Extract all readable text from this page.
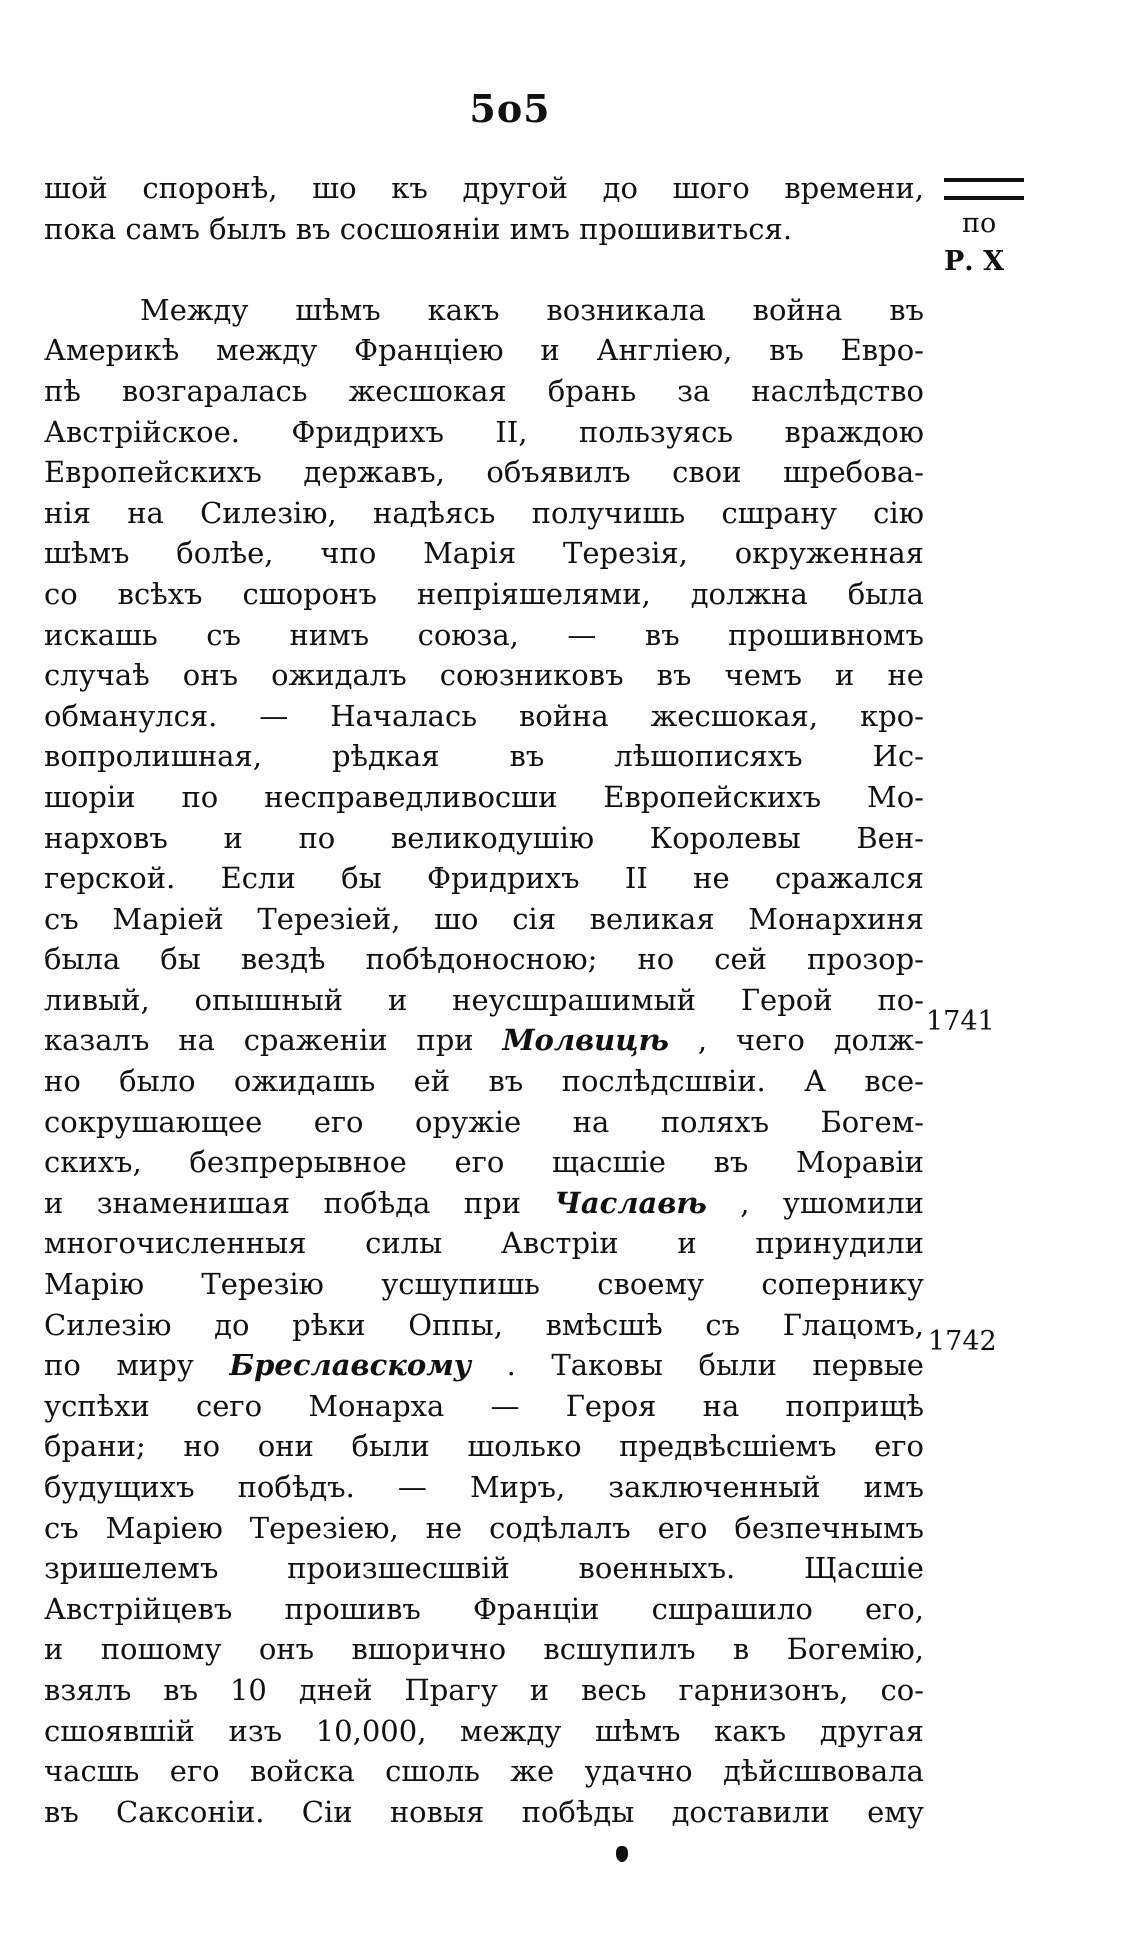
5o5
по
Р. Х
1741
1742
шой споронѣ, шо къ другой до шого времени,
пока самъ былъ въ сосшояніи имъ прошивиться.
Между шѣмъ какъ возникала война въ
Америкѣ между Франціею и Англіею, въ Евро-
пѣ возгаралась жесшокая брань за наслѣдство
Австрійское. Фридрихъ II, пользуясь враждою
Европейскихъ державъ, объявилъ свои шребова-
нія на Силезію, надѣясь получишь сшрану сію
шѣмъ болѣе, чпо Марія Терезія, окруженная
со всѣхъ сшоронъ непріяшелями, должна была
искашь съ нимъ союза, — въ прошивномъ
случаѣ онъ ожидалъ союзниковъ въ чемъ и не
обманулся. — Началась война жесшокая, кро-
вопролишная, рѣдкая въ лѣшописяхъ Ис-
шоріи по несправедливосши Европейскихъ Мо-
нарховъ и по великодушію Королевы Вен-
герской. Если бы Фридрихъ II не сражался
съ Маріей Терезіей, шо сія великая Монархиня
была бы вездѣ побѣдоносною; но сей прозор-
ливый, опышный и неусшрашимый Герой по-
казалъ на сраженіи при Молвицѣ , чего долж-
но было ожидашь ей въ послѣдсшвіи. А все-
сокрушающее его оружіе на поляхъ Богем-
скихъ, безпрерывное его щасшіе въ Моравіи
и знаменишая побѣда при Чаславѣ , ушомили
многочисленныя силы Австріи и принудили
Марію Терезію усшупишь своему сопернику
Силезію до рѣки Оппы, вмѣсшѣ съ Глацомъ,
по миру Бреславскому . Таковы были первые
успѣхи сего Монарха — Героя на поприщѣ
брани; но они были шолько предвѣсшіемъ его
будущихъ побѣдъ. — Миръ, заключенный имъ
съ Маріею Терезіею, не содѣлалъ его безпечнымъ
зришелемъ произшесшвій военныхъ. Щасшіе
Австрійцевъ прошивъ Франціи сшрашило его,
и пошому онъ вшорично всшупилъ в Богемію,
взялъ въ 10 дней Прагу и весь гарнизонъ, со-
сшоявшій изъ 10,000, между шѣмъ какъ другая
часшь его войска сшоль же удачно дѣйсшвовала
въ Саксоніи. Сіи новыя побѣды доставили ему
